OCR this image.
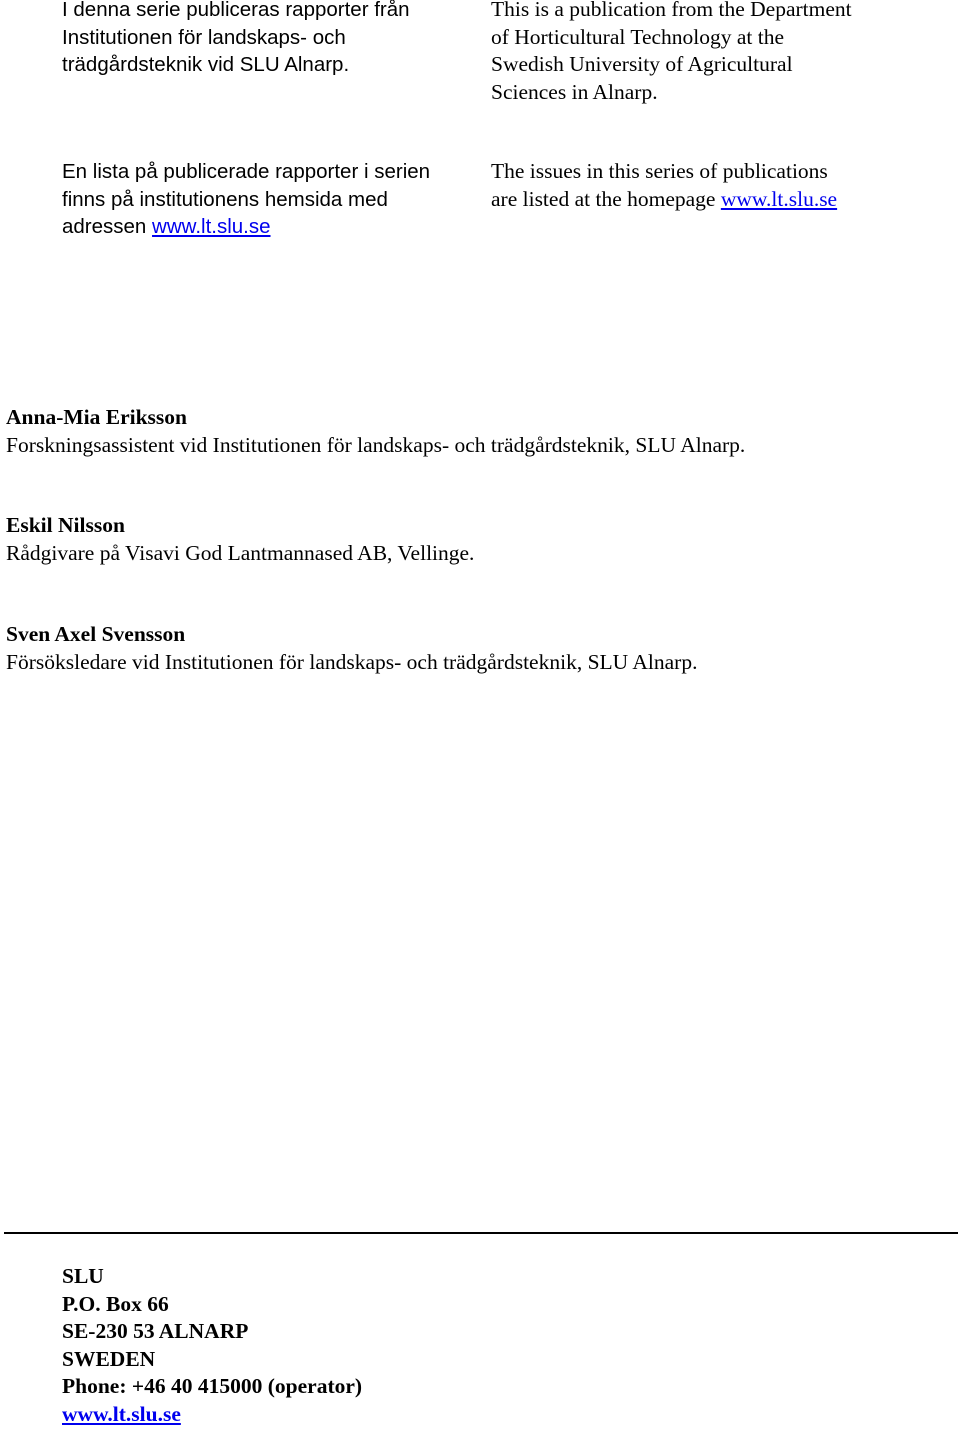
I denna serie publiceras rapporter från
Institutionen för landskaps- och
trädgårdsteknik vid SLU Alnarp.

This is a publication from the Department
of Horticultural Technology at the
Swedish University of Agricultural
Sciences in Alnarp.

En lista på publicerade rapporter i serien
finns på institutionens hemsida med
adressen www.lt.slu.se

The issues in this series of publications
are listed at the homepage www.lt.slu.se

Anna-Mia Eriksson
Forskningsassistent vid Institutionen för landskaps- och trädgårdsteknik, SLU Alnarp.
Eskil Nilsson
Rådgivare på Visavi God Lantmannased AB, Vellinge.
Sven Axel Svensson
Försöksledare vid Institutionen för landskaps- och trädgårdsteknik, SLU Alnarp.
SLU
P.O. Box 66
SE-230 53 ALNARP
SWEDEN
Phone: +46 40 415000 (operator)
www.lt.slu.se
